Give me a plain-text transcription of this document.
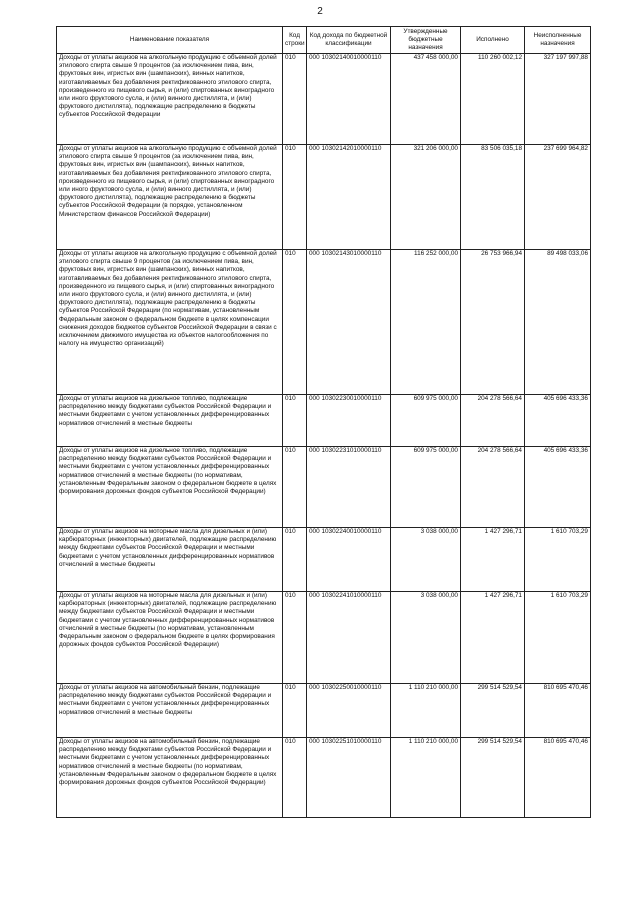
2
Наименование показателя	Код строки	Код дохода по бюджетной классификации	Утвержденные бюджетные назначения	Исполнено	Неисполненные назначения
Доходы от уплаты акцизов на алкогольную продукцию с объемной долей этилового спирта свыше 9 процентов (за исключением пива, вин, фруктовых вин, игристых вин (шампанских), винных напитков, изготавливаемых без добавления ректификованного этилового спирта, произведенного из пищевого сырья, и (или) спиртованных виноградного или иного фруктового сусла, и (или) винного дистиллята, и (или) фруктового дистиллята), подлежащие распределению в бюджеты субъектов Российской Федерации	010	000 10302140010000110	437 458 000,00	110 260 002,12	327 197 997,88
Доходы от уплаты акцизов на алкогольную продукцию с объемной долей этилового спирта свыше 9 процентов (за исключением пива, вин, фруктовых вин, игристых вин (шампанских), винных напитков, изготавливаемых без добавления ректификованного этилового спирта, произведенного из пищевого сырья, и (или) спиртованных виноградного или иного фруктового сусла, и (или) винного дистиллята, и (или) фруктового дистиллята), подлежащие распределению в бюджеты субъектов Российской Федерации (в порядке, установленном Министерством финансов Российской Федерации)	010	000 10302142010000110	321 206 000,00	83 506 035,18	237 699 964,82
Доходы от уплаты акцизов на алкогольную продукцию с объемной долей этилового спирта свыше 9 процентов (за исключением пива, вин, фруктовых вин, игристых вин (шампанских), винных напитков, изготавливаемых без добавления ректификованного этилового спирта, произведенного из пищевого сырья, и (или) спиртованных виноградного или иного фруктового сусла, и (или) винного дистиллята, и (или) фруктового дистиллята), подлежащие распределению в бюджеты субъектов Российской Федерации (по нормативам, установленным Федеральным законом о федеральном бюджете в целях компенсации снижения доходов бюджетов субъектов Российской Федерации в связи с исключением движимого имущества из объектов налогообложения по налогу на имущество организаций)	010	000 10302143010000110	116 252 000,00	26 753 966,94	89 498 033,06
Доходы от уплаты акцизов на дизельное топливо, подлежащие распределению между бюджетами субъектов Российской Федерации и местными бюджетами с учетом установленных дифференцированных нормативов отчислений в местные бюджеты	010	000 10302230010000110	609 975 000,00	204 278 566,64	405 696 433,36
Доходы от уплаты акцизов на дизельное топливо, подлежащие распределению между бюджетами субъектов Российской Федерации и местными бюджетами с учетом установленных дифференцированных нормативов отчислений в местные бюджеты (по нормативам, установленным Федеральным законом о федеральном бюджете в целях формирования дорожных фондов субъектов Российской Федерации)	010	000 10302231010000110	609 975 000,00	204 278 566,64	405 696 433,36
Доходы от уплаты акцизов на моторные масла для дизельных и (или) карбюраторных (инжекторных) двигателей, подлежащие распределению между бюджетами субъектов Российской Федерации и местными бюджетами с учетом установленных дифференцированных нормативов отчислений в местные бюджеты	010	000 10302240010000110	3 038 000,00	1 427 296,71	1 610 703,29
Доходы от уплаты акцизов на моторные масла для дизельных и (или) карбюраторных (инжекторных) двигателей, подлежащие распределению между бюджетами субъектов Российской Федерации и местными бюджетами с учетом установленных дифференцированных нормативов отчислений в местные бюджеты (по нормативам, установленным Федеральным законом о федеральном бюджете в целях формирования дорожных фондов субъектов Российской Федерации)	010	000 10302241010000110	3 038 000,00	1 427 296,71	1 610 703,29
Доходы от уплаты акцизов на автомобильный бензин, подлежащие распределению между бюджетами субъектов Российской Федерации и местными бюджетами с учетом установленных дифференцированных нормативов отчислений в местные бюджеты	010	000 10302250010000110	1 110 210 000,00	299 514 529,54	810 695 470,46
Доходы от уплаты акцизов на автомобильный бензин, подлежащие распределению между бюджетами субъектов Российской Федерации и местными бюджетами с учетом установленных дифференцированных нормативов отчислений в местные бюджеты (по нормативам, установленным Федеральным законом о федеральном бюджете в целях формирования дорожных фондов субъектов Российской Федерации)	010	000 10302251010000110	1 110 210 000,00	299 514 529,54	810 695 470,46
